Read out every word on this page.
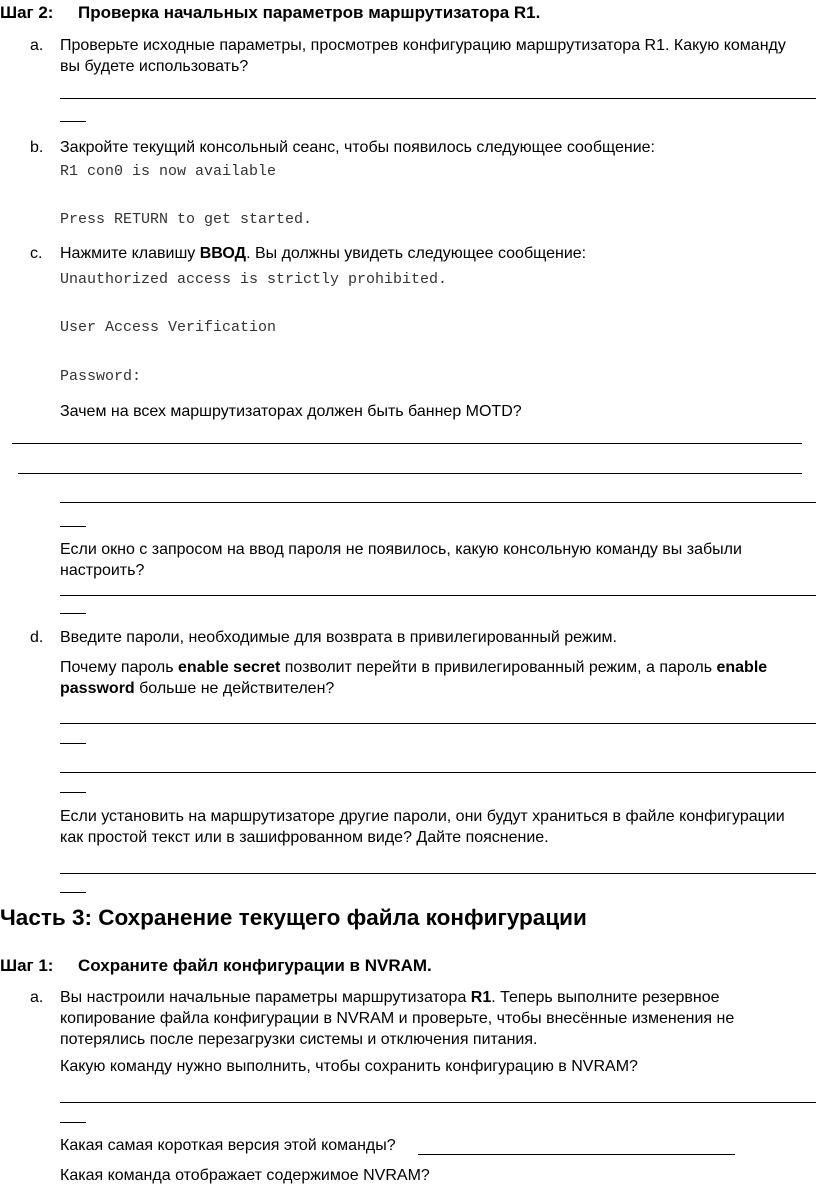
Шаг 2: Проверка начальных параметров маршрутизатора R1.
a. Проверьте исходные параметры, просмотрев конфигурацию маршрутизатора R1. Какую команду вы будете использовать?
b. Закройте текущий консольный сеанс, чтобы появилось следующее сообщение:
R1 con0 is now available
Press RETURN to get started.
c. Нажмите клавишу ВВОД. Вы должны увидеть следующее сообщение:
Unauthorized access is strictly prohibited.
User Access Verification
Password:
Зачем на всех маршрутизаторах должен быть баннер MOTD?
Если окно с запросом на ввод пароля не появилось, какую консольную команду вы забыли настроить?
d. Введите пароли, необходимые для возврата в привилегированный режим.
Почему пароль enable secret позволит перейти в привилегированный режим, а пароль enable password больше не действителен?
Если установить на маршрутизаторе другие пароли, они будут храниться в файле конфигурации как простой текст или в зашифрованном виде? Дайте пояснение.
Часть 3: Сохранение текущего файла конфигурации
Шаг 1: Сохраните файл конфигурации в NVRAM.
a. Вы настроили начальные параметры маршрутизатора R1. Теперь выполните резервное копирование файла конфигурации в NVRAM и проверьте, чтобы внесённые изменения не потерялись после перезагрузки системы и отключения питания.
Какую команду нужно выполнить, чтобы сохранить конфигурацию в NVRAM?
Какая самая короткая версия этой команды?
Какая команда отображает содержимое NVRAM?
